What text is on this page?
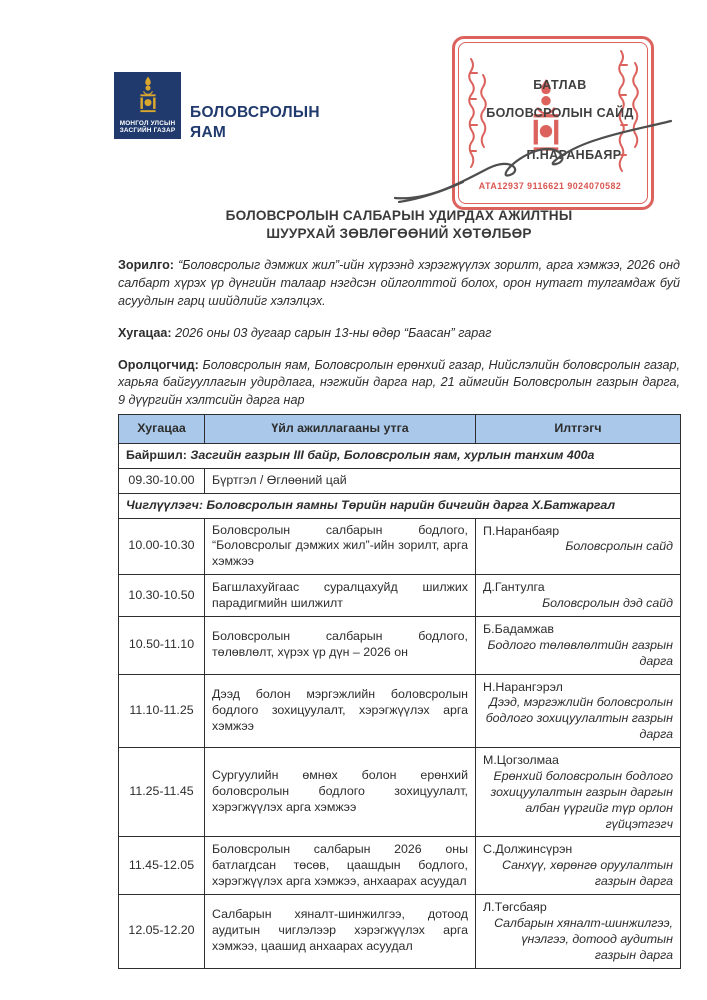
МОНГОЛ УЛСЫН
ЗАСГИЙН ГАЗАР
БОЛОВСРОЛЫН
ЯАМ
БАТЛАВ
БОЛОВСРОЛЫН САЙД
П.НАРАНБАЯР
АТА12937 9116621 9024070582
БОЛОВСРОЛЫН САЛБАРЫН УДИРДАХ АЖИЛТНЫ
ШУУРХАЙ ЗӨВЛӨГӨӨНИЙ ХӨТӨЛБӨР

Зорилго: “Боловсролыг дэмжих жил”-ийн хүрээнд хэрэгжүүлэх зорилт, арга хэмжээ, 2026 онд салбарт хүрэх үр дүнгийн талаар нэгдсэн ойлголттой болох, орон нутагт тулгамдаж буй асуудлын гарц шийдлийг хэлэлцэх.

Хугацаа: 2026 оны 03 дугаар сарын 13-ны өдөр “Баасан” гараг

Оролцогчид: Боловсролын яам, Боловсролын ерөнхий газар, Нийслэлийн боловсролын газар, харьяа байгууллагын удирдлага, нэгжийн дарга нар, 21 аймгийн Боловсролын газрын дарга, 9 дүүргийн хэлтсийн дарга нар

Хугацаа	Үйл ажиллагааны утга	Илтгэгч
Байршил: Засгийн газрын III байр, Боловсролын яам, хурлын танхим 400а		
09.30-10.00	Бүртгэл / Өглөөний цай	
Чиглүүлэгч: Боловсролын яамны Төрийн нарийн бичгийн дарга Х.Батжаргал		
10.00-10.30	Боловсролын салбарын бодлого, “Боловсролыг дэмжих жил”-ийн зорилт, арга хэмжээ	П.Наранбаяр
Боловсролын сайд

10.30-10.50	Багшлахуйгаас суралцахуйд шилжих парадигмийн шилжилт	Д.Гантулга
Боловсролын дэд сайд

10.50-11.10	Боловсролын салбарын бодлого, төлөвлөлт, хүрэх үр дүн – 2026 он	Б.Бадамжав
Бодлого төлөвлөлтийн газрын дарга

11.10-11.25	Дээд болон мэргэжлийн боловсролын бодлого зохицуулалт, хэрэгжүүлэх арга хэмжээ	Н.Нарангэрэл
Дээд, мэргэжлийн боловсролын бодлого зохицуулалтын газрын дарга

11.25-11.45	Сургуулийн өмнөх болон ерөнхий боловсролын бодлого зохицуулалт, хэрэгжүүлэх арга хэмжээ	М.Цогзолмаа
Ерөнхий боловсролын бодлого зохицуулалтын газрын даргын албан үүргийг түр орлон гүйцэтгэгч

11.45-12.05	Боловсролын салбарын 2026 оны батлагдсан төсөв, цаашдын бодлого, хэрэгжүүлэх арга хэмжээ, анхаарах асуудал	С.Должинсүрэн
Санхүү, хөрөнгө оруулалтын газрын дарга

12.05-12.20	Салбарын хяналт-шинжилгээ, дотоод аудитын чиглэлээр хэрэгжүүлэх арга хэмжээ, цаашид анхаарах асуудал	Л.Төгсбаяр
Салбарын хяналт-шинжилгээ, үнэлгээ, дотоод аудитын газрын дарга
